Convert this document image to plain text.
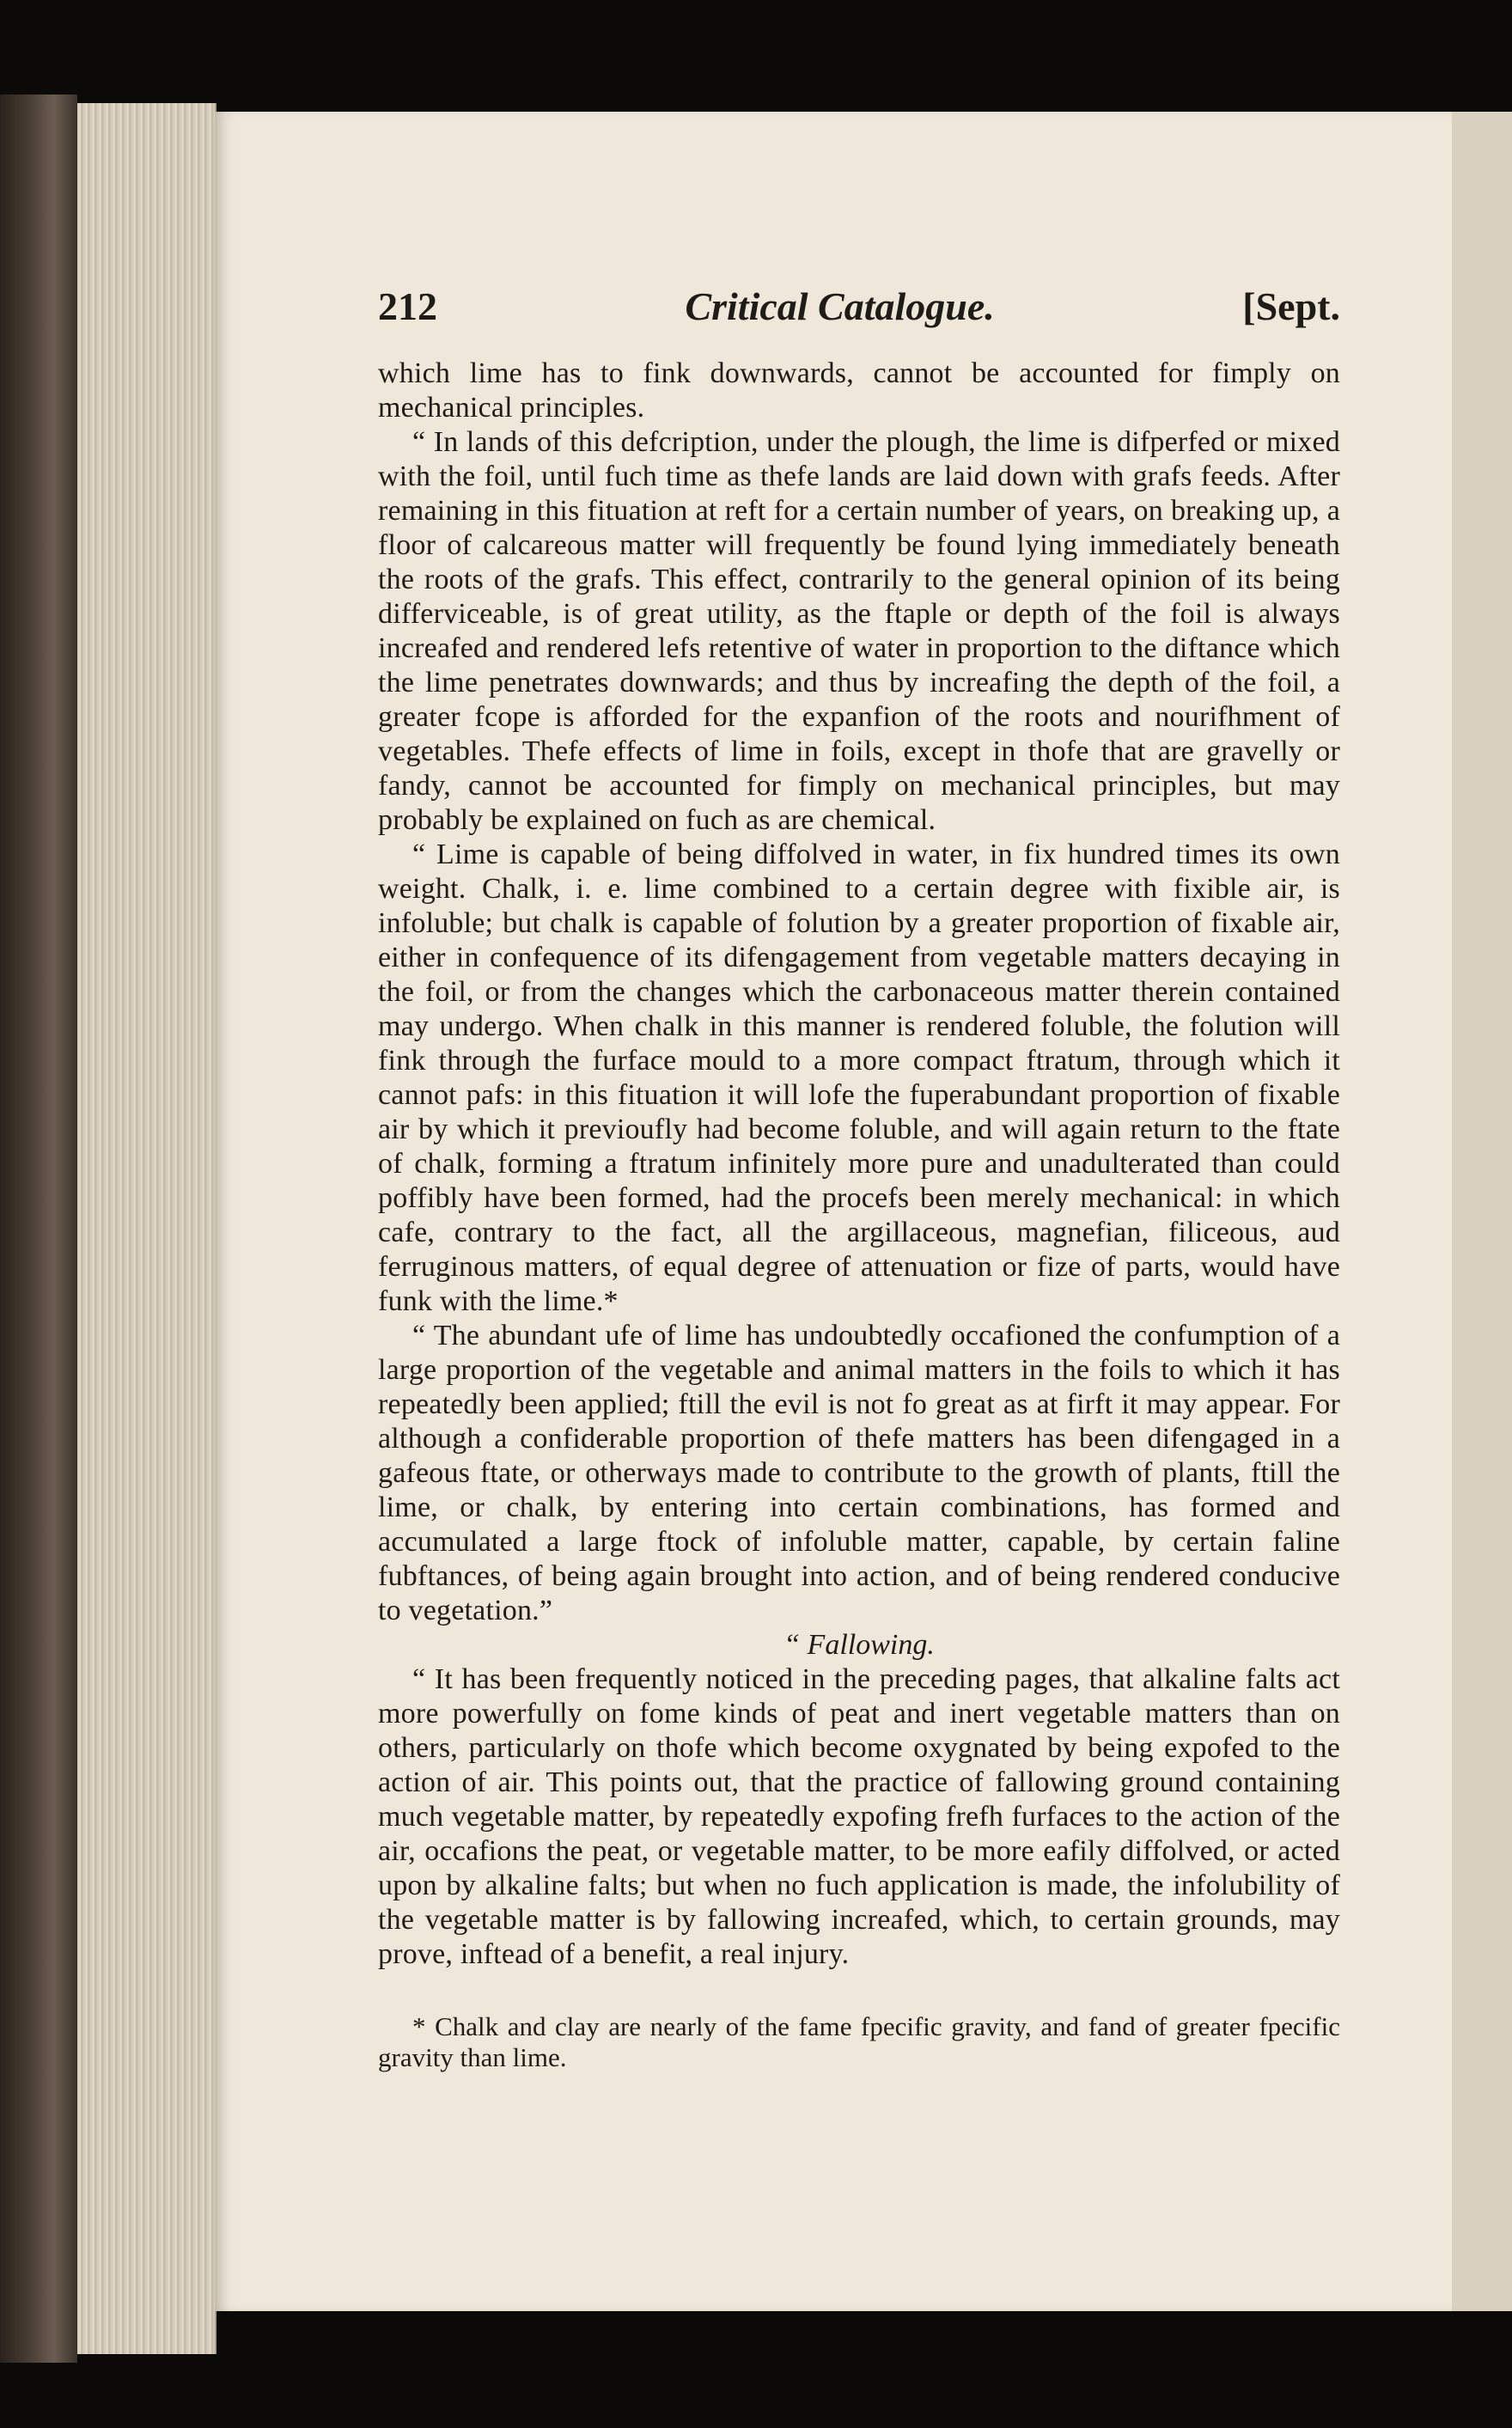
212	Critical Catalogue.	[Sept.

which lime has to fink downwards, cannot be accounted for fimply on mechanical principles.

“ In lands of this defcription, under the plough, the lime is difperfed or mixed with the foil, until fuch time as thefe lands are laid down with grafs feeds. After remaining in this fituation at reft for a certain number of years, on breaking up, a floor of calcareous matter will frequently be found lying immediately beneath the roots of the grafs. This effect, contrarily to the general opinion of its being differviceable, is of great utility, as the ftaple or depth of the foil is always increafed and rendered lefs retentive of water in proportion to the diftance which the lime penetrates downwards; and thus by increafing the depth of the foil, a greater fcope is afforded for the expanfion of the roots and nourifhment of vegetables. Thefe effects of lime in foils, except in thofe that are gravelly or fandy, cannot be accounted for fimply on mechanical principles, but may probably be explained on fuch as are chemical.

“ Lime is capable of being diffolved in water, in fix hundred times its own weight. Chalk, i. e. lime combined to a certain degree with fixible air, is infoluble; but chalk is capable of folution by a greater proportion of fixable air, either in confequence of its difengagement from vegetable matters decaying in the foil, or from the changes which the carbonaceous matter therein contained may undergo. When chalk in this manner is rendered foluble, the folution will fink through the furface mould to a more compact ftratum, through which it cannot pafs: in this fituation it will lofe the fuperabundant proportion of fixable air by which it previoufly had become foluble, and will again return to the ftate of chalk, forming a ftratum infinitely more pure and unadulterated than could poffibly have been formed, had the procefs been merely mechanical: in which cafe, contrary to the fact, all the argillaceous, magnefian, filiceous, aud ferruginous matters, of equal degree of attenuation or fize of parts, would have funk with the lime.*

“ The abundant ufe of lime has undoubtedly occafioned the confumption of a large proportion of the vegetable and animal matters in the foils to which it has repeatedly been applied; ftill the evil is not fo great as at firft it may appear. For although a confiderable proportion of thefe matters has been difengaged in a gafeous ftate, or otherways made to contribute to the growth of plants, ftill the lime, or chalk, by entering into certain combinations, has formed and accumulated a large ftock of infoluble matter, capable, by certain faline fubftances, of being again brought into action, and of being rendered conducive to vegetation.”

“ Fallowing.

“ It has been frequently noticed in the preceding pages, that alkaline falts act more powerfully on fome kinds of peat and inert vegetable matters than on others, particularly on thofe which become oxygnated by being expofed to the action of air. This points out, that the practice of fallowing ground containing much vegetable matter, by repeatedly expofing frefh furfaces to the action of the air, occafions the peat, or vegetable matter, to be more eafily diffolved, or acted upon by alkaline falts; but when no fuch application is made, the infolubility of the vegetable matter is by fallowing increafed, which, to certain grounds, may prove, inftead of a benefit, a real injury.

* Chalk and clay are nearly of the fame fpecific gravity, and fand of greater fpecific gravity than lime.
